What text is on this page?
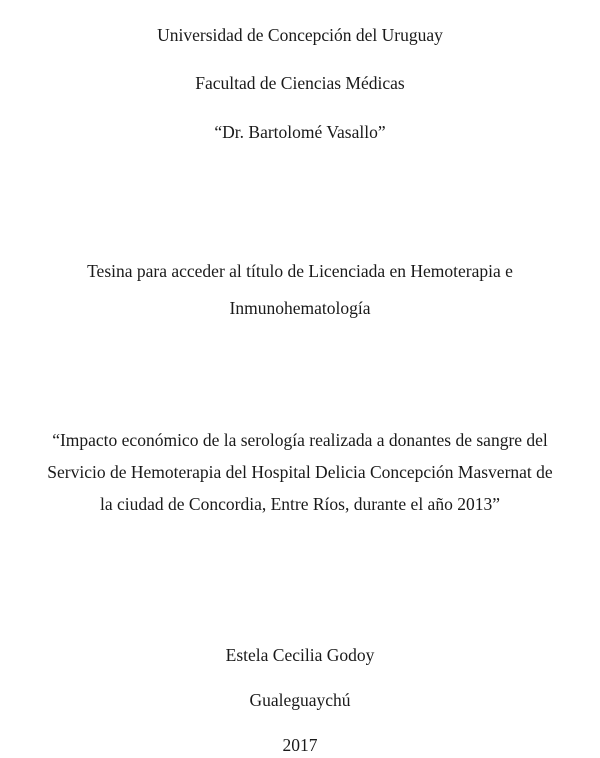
Universidad de Concepción del Uruguay
Facultad de Ciencias Médicas
“Dr. Bartolomé Vasallo”
Tesina para acceder al título de Licenciada en Hemoterapia e
Inmunohematología
“Impacto económico de la serología realizada a donantes de sangre del
Servicio de Hemoterapia del Hospital Delicia Concepción Masvernat de
la ciudad de Concordia, Entre Ríos, durante el año 2013”
Estela Cecilia Godoy
Gualeguaychú
2017
